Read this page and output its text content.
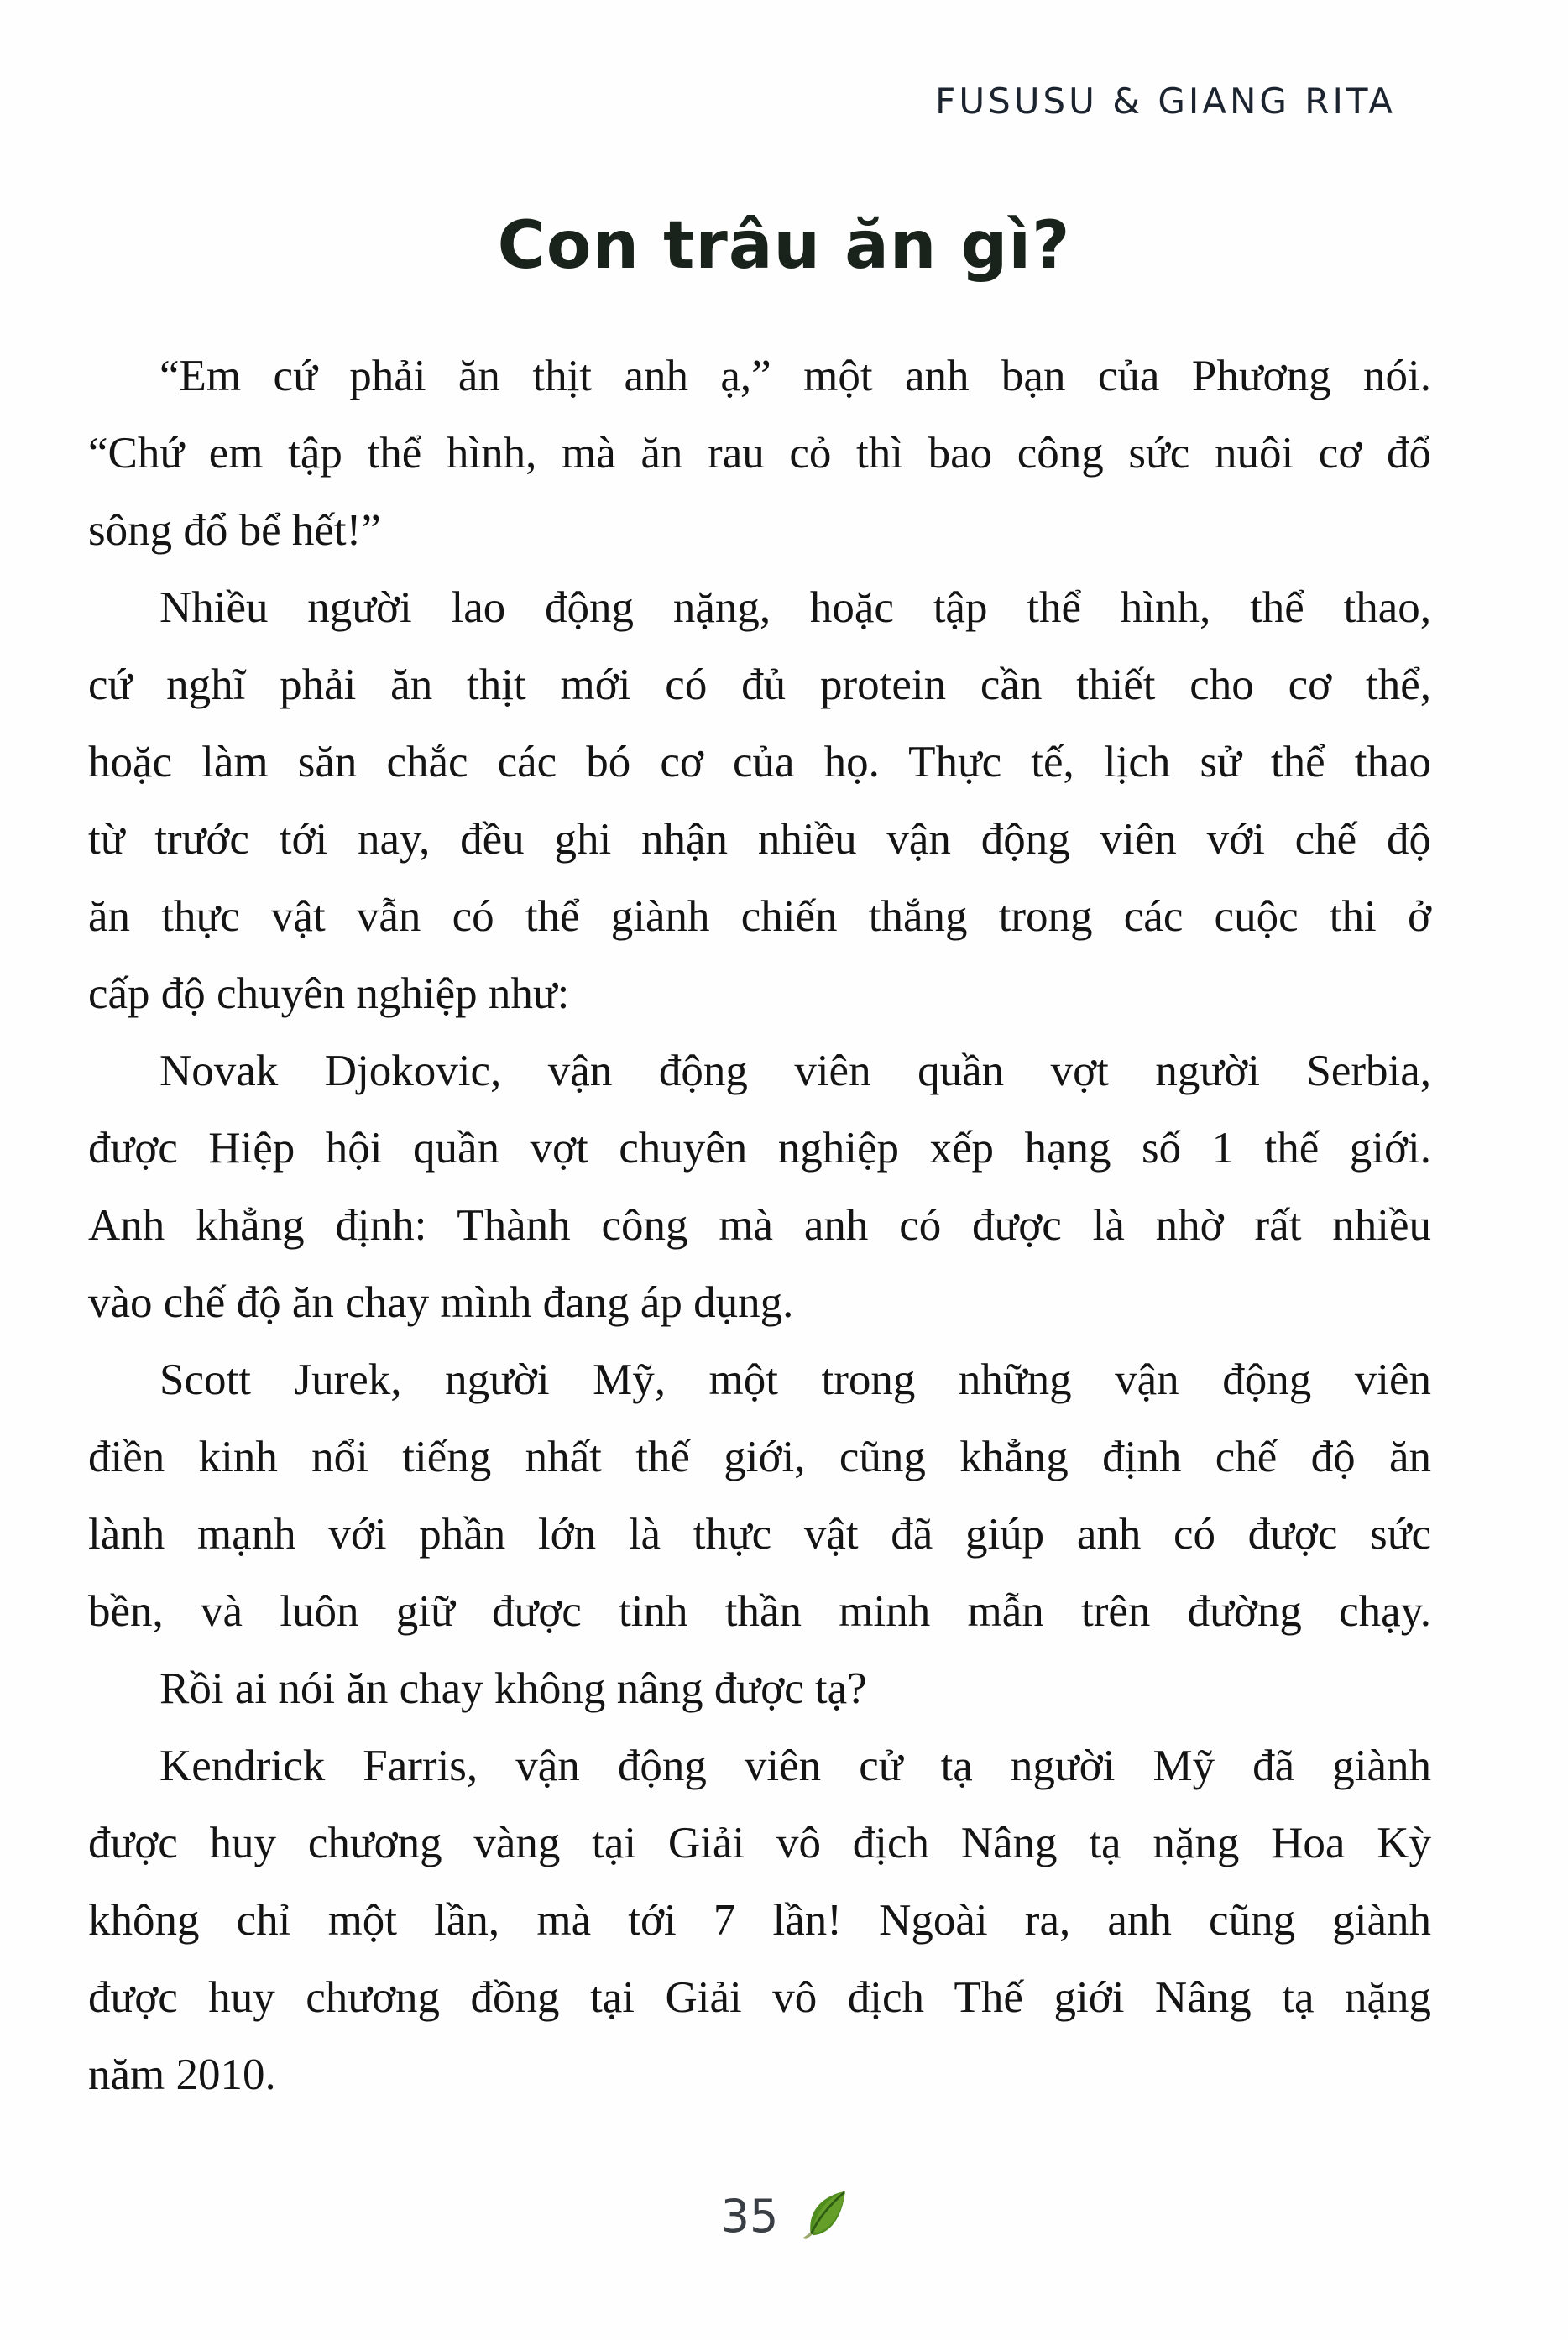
FUSUSU & GIANG RITA
Con trâu ăn gì?
“Em cứ phải ăn thịt anh ạ,” một anh bạn của Phương nói.
“Chứ em tập thể hình, mà ăn rau cỏ thì bao công sức nuôi cơ đổ
sông đổ bể hết!”
Nhiều người lao động nặng, hoặc tập thể hình, thể thao,
cứ nghĩ phải ăn thịt mới có đủ protein cần thiết cho cơ thể,
hoặc làm săn chắc các bó cơ của họ. Thực tế, lịch sử thể thao
từ trước tới nay, đều ghi nhận nhiều vận động viên với chế độ
ăn thực vật vẫn có thể giành chiến thắng trong các cuộc thi ở
cấp độ chuyên nghiệp như:
Novak Djokovic, vận động viên quần vợt người Serbia,
được Hiệp hội quần vợt chuyên nghiệp xếp hạng số 1 thế giới.
Anh khẳng định: Thành công mà anh có được là nhờ rất nhiều
vào chế độ ăn chay mình đang áp dụng.
Scott Jurek, người Mỹ, một trong những vận động viên
điền kinh nổi tiếng nhất thế giới, cũng khẳng định chế độ ăn
lành mạnh với phần lớn là thực vật đã giúp anh có được sức
bền, và luôn giữ được tinh thần minh mẫn trên đường chạy.
Rồi ai nói ăn chay không nâng được tạ?
Kendrick Farris, vận động viên cử tạ người Mỹ đã giành
được huy chương vàng tại Giải vô địch Nâng tạ nặng Hoa Kỳ
không chỉ một lần, mà tới 7 lần! Ngoài ra, anh cũng giành
được huy chương đồng tại Giải vô địch Thế giới Nâng tạ nặng
năm 2010.
35
